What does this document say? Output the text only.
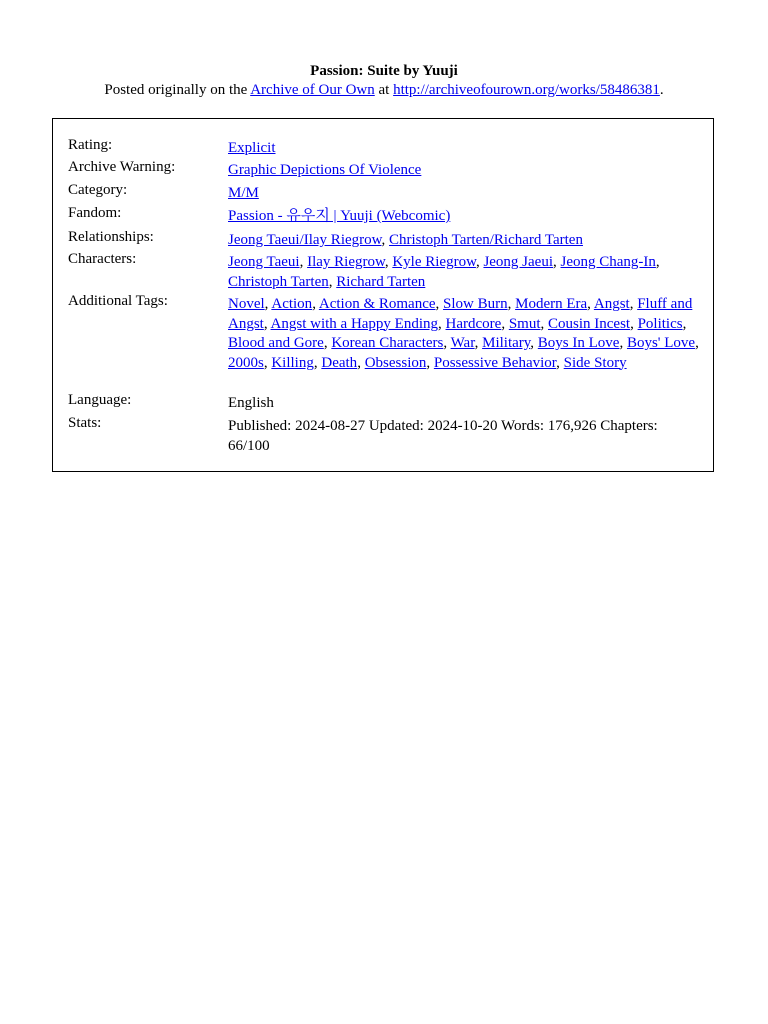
Passion: Suite by Yuuji
Posted originally on the Archive of Our Own at http://archiveofourown.org/works/58486381.
Rating:	Explicit
Archive Warning:	Graphic Depictions Of Violence
Category:	M/M
Fandom:	Passion - 유우지 | Yuuji (Webcomic)
Relationships:	Jeong Taeui/Ilay Riegrow, Christoph Tarten/Richard Tarten
Characters:	Jeong Taeui, Ilay Riegrow, Kyle Riegrow, Jeong Jaeui, Jeong Chang-In, Christoph Tarten, Richard Tarten
Additional Tags:	Novel, Action, Action & Romance, Slow Burn, Modern Era, Angst, Fluff and Angst, Angst with a Happy Ending, Hardcore, Smut, Cousin Incest, Politics, Blood and Gore, Korean Characters, War, Military, Boys In Love, Boys' Love, 2000s, Killing, Death, Obsession, Possessive Behavior, Side Story
Language:	English
Stats:	Published: 2024-08-27 Updated: 2024-10-20 Words: 176,926 Chapters: 66/100
